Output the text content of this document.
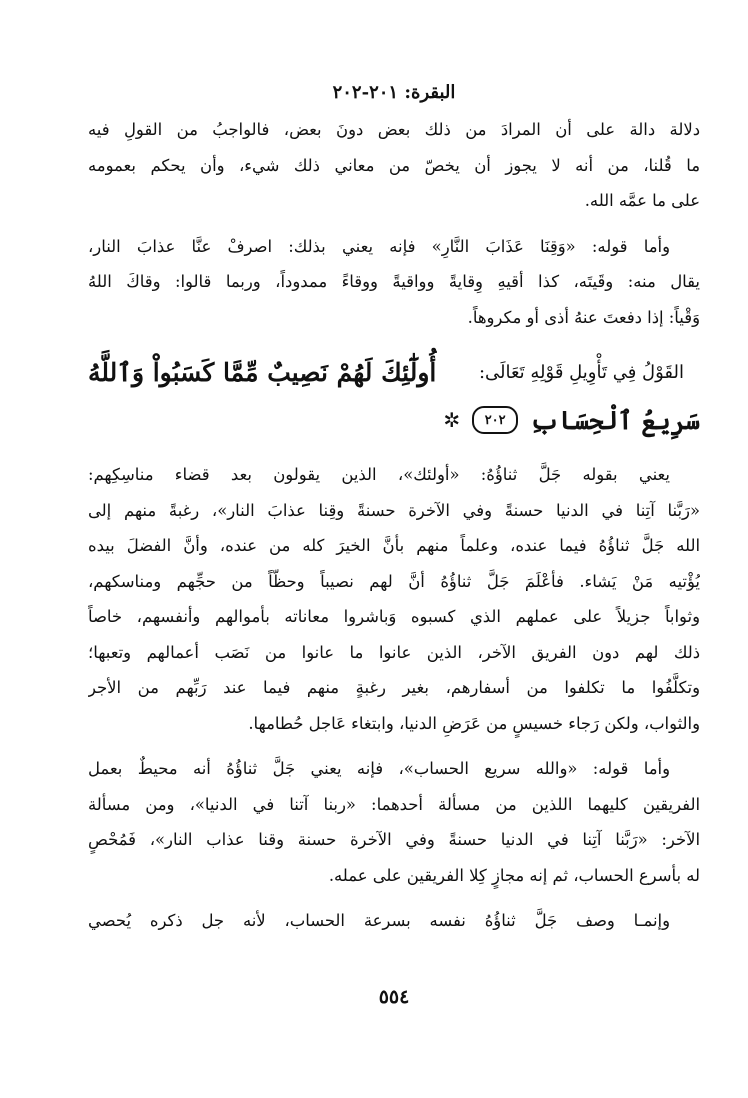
البقرة: ٢٠١-٢٠٢
دلالة دالة على أن المرادَ من ذلك بعض دونَ بعض، فالواجبُ من القولِ فيه
ما قُلنا، من أنه لا يجوز أن يخصّ من معاني ذلك شيء، وأن يحكم بعمومه
على ما عمَّه الله.
وأما قوله: «وَقِنَا عَذَابَ النَّارِ» فإنه يعني بذلك: اصرفْ عنَّا عذابَ النار،
يقال منه: وقَيتَه، كذا أقيهِ وِقايةً وواقيةً ووقاءً ممدوداً، وربما قالوا: وقاكَ اللهُ
وَقْياً: إذا دفعتَ عنهُ أذى أو مكروهاً.
القَوْلُ فِي تَأْوِيلِ قَوْلِهِ تَعَالَى:
أُولَٰٓئِكَ لَهُمْ نَصِيبٌ مِّمَّا كَسَبُواْ وَٱللَّهُ
سَرِيعُ ٱلْحِسَابِ
٢٠٢
✲
يعني بقوله جَلَّ ثناؤُهُ: «أولئك»، الذين يقولون بعد قضاء مناسِكِهم:
«رَبَّنا آتِنا في الدنيا حسنةً وفي الآخرة حسنةً وقِنا عذابَ النار»، رغبةً منهم إلى
الله جَلَّ ثناؤُهُ فيما عنده، وعلماً منهم بأنَّ الخيرَ كله من عنده، وأنَّ الفضلَ بيده
يُؤْتيه مَنْ يَشاء. فأعْلَمَ جَلَّ ثناؤُهُ أنَّ لهم نصيباً وحظّاً من حجِّهم ومناسكهم،
وثواباً جزيلاً على عملهم الذي كسبوه وَباشروا معاناته بأموالهم وأنفسهم، خاصاً
ذلك لهم دون الفريق الآخر، الذين عانوا ما عانوا من نَصَب أعمالهم وتعبها؛
وتكلَّفُوا ما تكلفوا من أسفارهم، بغير رغبةٍ منهم فيما عند رَبِّهم من الأجر
والثواب، ولكن رَجاء خسيسٍ من عَرَضِ الدنيا، وابتغاء عَاجل حُطامها.
وأما قوله: «والله سريع الحساب»، فإنه يعني جَلَّ ثناؤُهُ أنه محيطٌ بعمل
الفريقين كليهما اللذين من مسألة أحدهما: «ربنا آتنا في الدنيا»، ومن مسألة
الآخر: «رَبَّنا آتِنا في الدنيا حسنةً وفي الآخرة حسنة وقنا عذاب النار»، فَمُحْصٍ
له بأسرع الحساب، ثم إنه مجازٍ كِلا الفريقين على عمله.
وإنمـا وصف جَلَّ ثناؤُهُ نفسه بسرعة الحساب، لأنه جل ذكره يُحصي
٥٥٤
